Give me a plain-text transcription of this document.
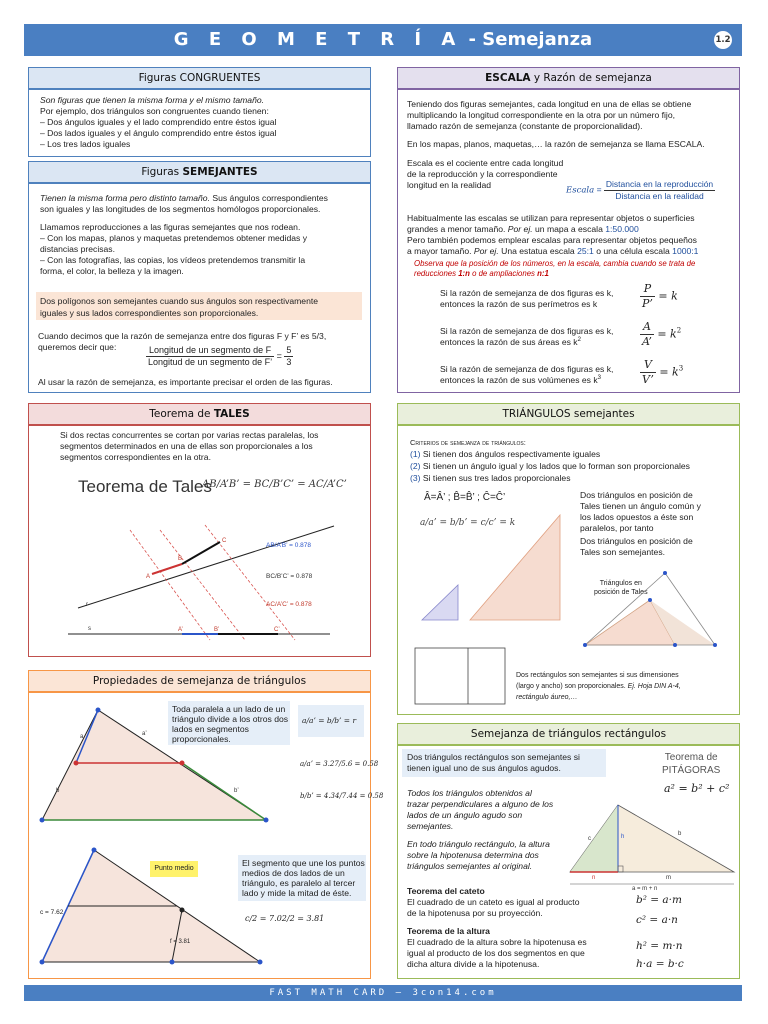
G E O M E T R Í A - Semejanza	1.2
Figuras CONGRUENTES
Son figuras que tienen la misma forma y el mismo tamaño.
Por ejemplo, dos triángulos son congruentes cuando tienen:
– Dos ángulos iguales y el lado comprendido entre éstos igual
– Dos lados iguales y el ángulo comprendido entre éstos igual
– Los tres lados iguales
Figuras SEMEJANTES
Tienen la misma forma pero distinto tamaño. Sus ángulos correspondientes
son iguales y las longitudes de los segmentos homólogos proporcionales.
Llamamos reproducciones a las figuras semejantes que nos rodean.
– Con los mapas, planos y maquetas pretendemos obtener medidas y
distancias precisas.
– Con las fotografías, las copias, los vídeos pretendemos transmitir la
forma, el color, la belleza y la imagen.
Dos polígonos son semejantes cuando sus ángulos son respectivamente
iguales y sus lados correspondientes son proporcionales.
Cuando decimos que la razón de semejanza entre dos figuras F y F’ es 5/3,
queremos decir que:	$\frac{\text{Longitud de un segmento de F}}{\text{Longitud de un segmento de F’}} = \frac{5}{3}$
Al usar la razón de semejanza, es importante precisar el orden de las figuras.
ESCALA y Razón de semejanza
Teniendo dos figuras semejantes, cada longitud en una de ellas se obtiene
multiplicando la longitud correspondiente en la otra por un número fijo,
llamado razón de semejanza (constante de proporcionalidad).
En los mapas, planos, maquetas,… la razón de semejanza se llama ESCALA.
Escala es el cociente entre cada longitud
de la reproducción y la correspondiente
longitud en la realidad
Escala = $\frac{\text{Distancia en la reproducción}}{\text{Distancia en la realidad}}$
Habitualmente las escalas se utilizan para representar objetos o superficies
grandes a menor tamaño. Por ej. un mapa a escala 1:50.000
Pero también podemos emplear escalas para representar objetos pequeños
a mayor tamaño. Por ej. Una estatua escala 25:1 o una célula escala 1000:1
Observa que la posición de los números, en la escala, cambia cuando se trata de
reducciones 1:n o de ampliaciones n:1
Si la razón de semejanza de dos figuras es k,
entonces la razón de sus perímetros es k	$\frac{P}{P’} = k$
Si la razón de semejanza de dos figuras es k,
entonces la razón de sus áreas es $k^2$	$\frac{A}{A’} = k^2$
Si la razón de semejanza de dos figuras es k,
entonces la razón de sus volúmenes es $k^3$	$\frac{V}{V’} = k^3$
Teorema de TALES
Si dos rectas concurrentes se cortan por varias rectas paralelas, los
segmentos determinados en una de ellas son proporcionales a los
segmentos correspondientes en la otra.
Teorema de Tales
AB/A’B’ = BC/B’C’ = AC/A’C’
r
s
A
B
C
A’	B’	C’
AB/A’B’ = 0.878
BC/B’C’ = 0.878
AC/A’C’ = 0.878
TRIÁNGULOS semejantes
Criterios de semejanza de triángulos:
(1) Si tienen dos ángulos respectivamente iguales
(2) Si tienen un ángulo igual y los lados que lo forman son proporcionales
(3) Si tienen sus tres lados proporcionales
Â=Â’ ; B̂=B̂’ ; Ĉ=Ĉ’
a/a’ = b/b’ = c/c’ = k
Dos triángulos en posición de
Tales tienen un ángulo común y
los lados opuestos a éste son
paralelos, por tanto
Dos triángulos en posición de
Tales son semejantes.
Triángulos en
posición de Tales
Dos rectángulos son semejantes si sus dimensiones
(largo y ancho) son proporcionales. Ej. Hoja DIN A-4,
rectángulo áureo,…
Propiedades de semejanza de triángulos
a	a’
b	b’
c = 7.62
f = 3.81
Toda paralela a un lado de un
triángulo divide a los otros dos
lados en segmentos
proporcionales.
a/a’ = b/b’ = r
a/a’ = 3.27/5.6 = 0.58
b/b’ = 4.34/7.44 = 0.58
El segmento que une los puntos
medios de dos lados de un
triángulo, es paralelo al tercer
lado y mide la mitad de éste.
Punto medio
c/2 = 7.02/2 = 3.81
Semejanza de triángulos rectángulos
Dos triángulos rectángulos son semejantes si
tienen igual uno de sus ángulos agudos.
Teorema de
PITÁGORAS
a² = b² + c²
Todos los triángulos obtenidos al
trazar perpendiculares a alguno de los
lados de un ángulo agudo son
semejantes.
En todo triángulo rectángulo, la altura
sobre la hipotenusa determina dos
triángulos semejantes al original.
n	m
h	b
c
a = m + n
Teorema del cateto
El cuadrado de un cateto es igual al producto
de la hipotenusa por su proyección.
Teorema de la altura
El cuadrado de la altura sobre la hipotenusa es
igual al producto de los dos segmentos en que
dicha altura divide a la hipotenusa.
b² = a·m
c² = a·n
h² = m·n
h·a = b·c
FAST MATH CARD – 3con14.com
